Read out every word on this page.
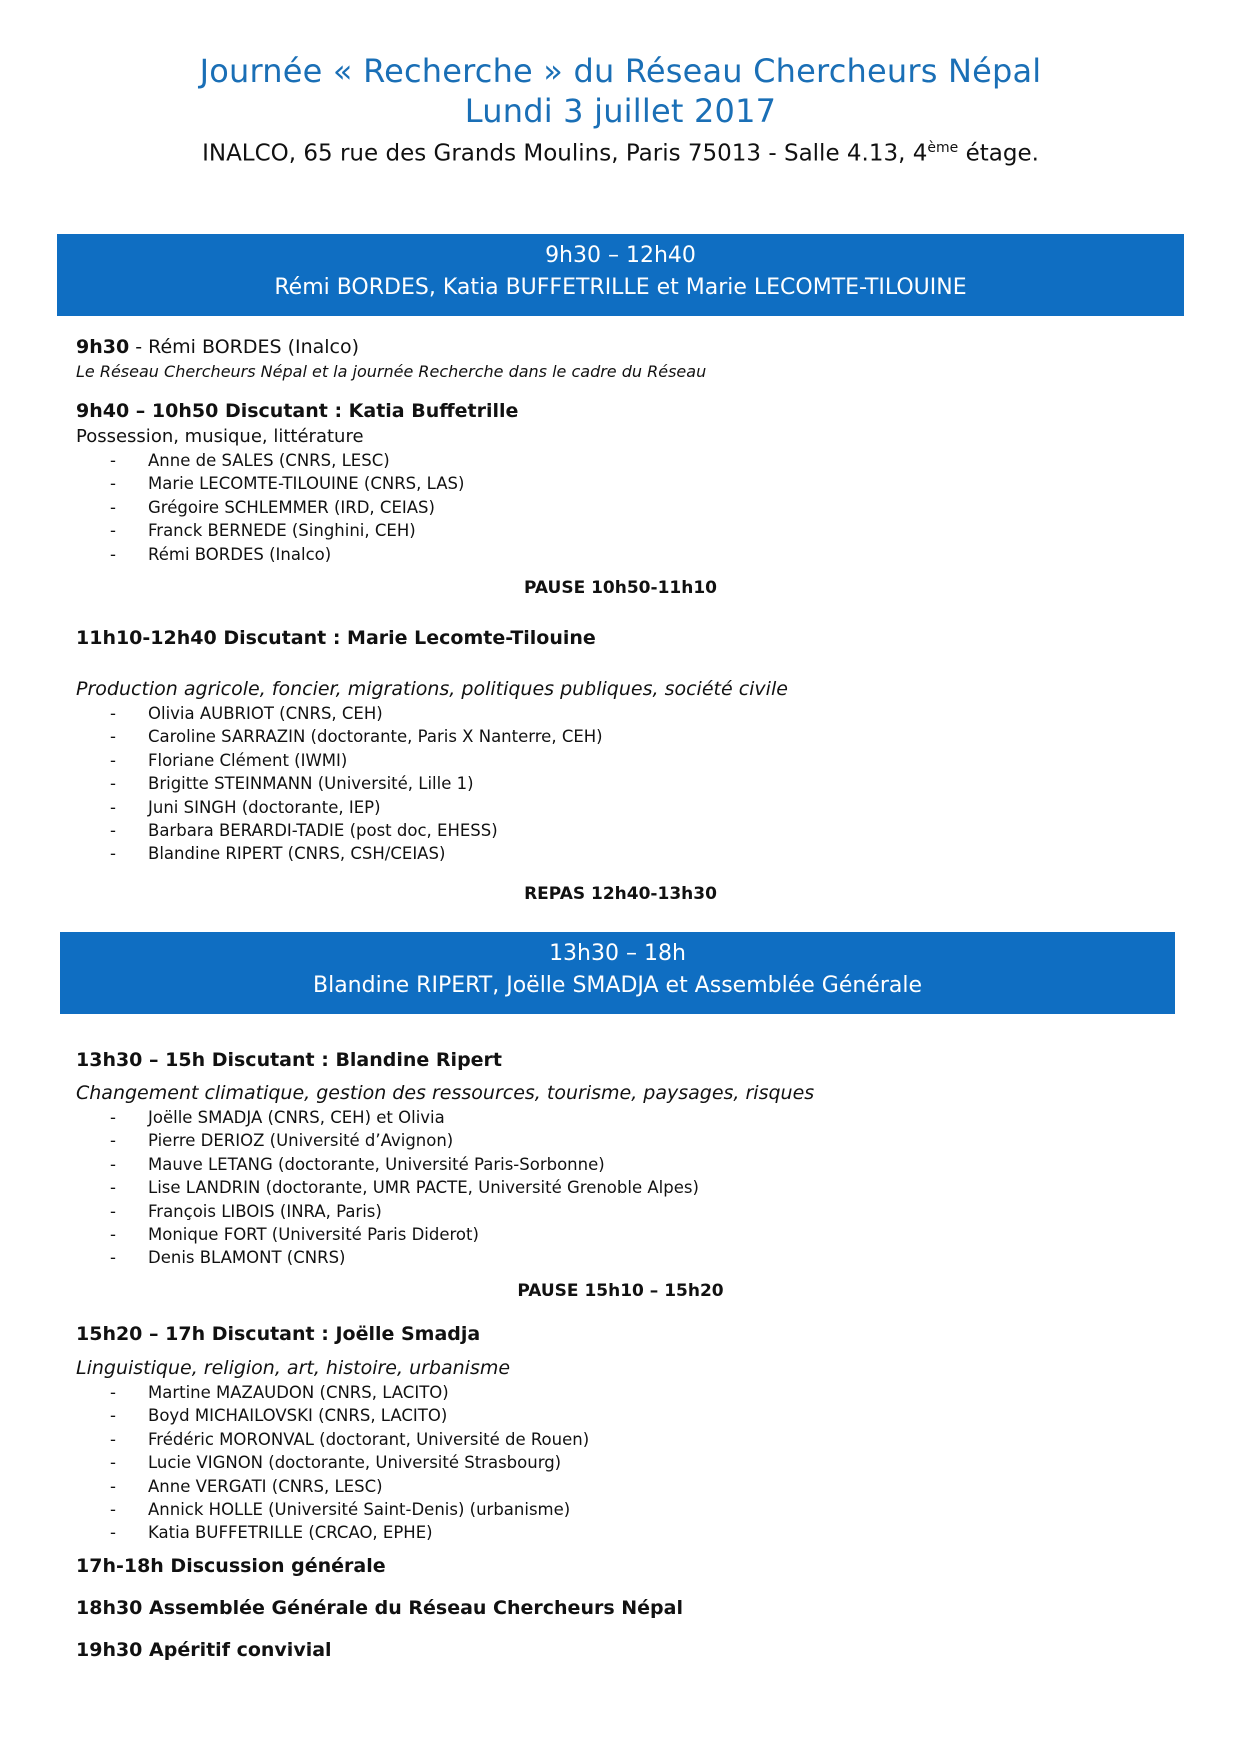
Journée « Recherche » du Réseau Chercheurs Népal
Lundi 3 juillet 2017
INALCO, 65 rue des Grands Moulins, Paris 75013 - Salle 4.13, 4ème étage.
9h30 – 12h40
Rémi BORDES, Katia BUFFETRILLE et Marie LECOMTE-TILOUINE
9h30 - Rémi BORDES (Inalco)
Le Réseau Chercheurs Népal et la journée Recherche dans le cadre du Réseau
9h40 – 10h50 Discutant : Katia Buffetrille
Possession, musique, littérature
- Anne de SALES (CNRS, LESC)
- Marie LECOMTE-TILOUINE (CNRS, LAS)
- Grégoire SCHLEMMER (IRD, CEIAS)
- Franck BERNEDE (Singhini, CEH)
- Rémi BORDES (Inalco)
PAUSE 10h50-11h10
11h10-12h40 Discutant : Marie Lecomte-Tilouine
Production agricole, foncier, migrations, politiques publiques, société civile
- Olivia AUBRIOT (CNRS, CEH)
- Caroline SARRAZIN (doctorante, Paris X Nanterre, CEH)
- Floriane Clément (IWMI)
- Brigitte STEINMANN (Université, Lille 1)
- Juni SINGH (doctorante, IEP)
- Barbara BERARDI-TADIE (post doc, EHESS)
- Blandine RIPERT (CNRS, CSH/CEIAS)
REPAS 12h40-13h30
13h30 – 18h
Blandine RIPERT, Joëlle SMADJA et Assemblée Générale
13h30 – 15h Discutant : Blandine Ripert
Changement climatique, gestion des ressources, tourisme, paysages, risques
- Joëlle SMADJA (CNRS, CEH) et Olivia
- Pierre DERIOZ (Université d’Avignon)
- Mauve LETANG (doctorante, Université Paris-Sorbonne)
- Lise LANDRIN (doctorante, UMR PACTE, Université Grenoble Alpes)
- François LIBOIS (INRA, Paris)
- Monique FORT (Université Paris Diderot)
- Denis BLAMONT (CNRS)
PAUSE 15h10 – 15h20
15h20 – 17h Discutant : Joëlle Smadja
Linguistique, religion, art, histoire, urbanisme
- Martine MAZAUDON (CNRS, LACITO)
- Boyd MICHAILOVSKI (CNRS, LACITO)
- Frédéric MORONVAL (doctorant, Université de Rouen)
- Lucie VIGNON (doctorante, Université Strasbourg)
- Anne VERGATI (CNRS, LESC)
- Annick HOLLE (Université Saint-Denis) (urbanisme)
- Katia BUFFETRILLE (CRCAO, EPHE)
17h-18h Discussion générale
18h30 Assemblée Générale du Réseau Chercheurs Népal
19h30 Apéritif convivial
